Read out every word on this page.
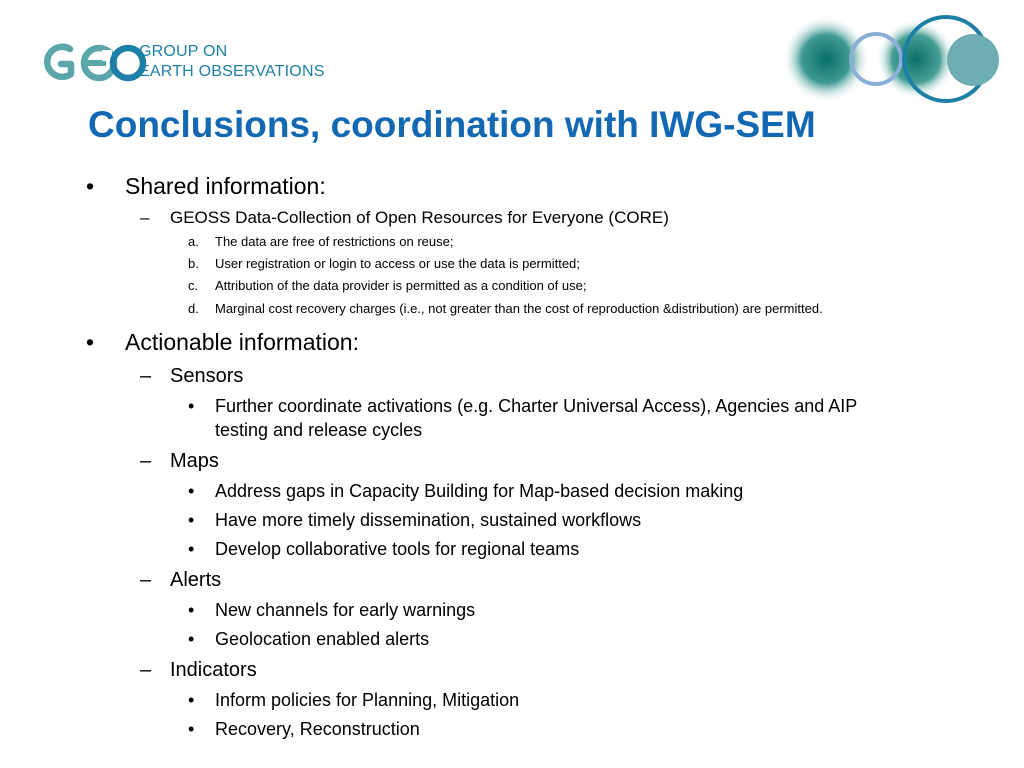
GROUP ON
EARTH OBSERVATIONS
Conclusions, coordination with IWG-SEM
• Shared information:
– GEOSS Data-Collection of Open Resources for Everyone (CORE)
a. The data are free of restrictions on reuse;
b. User registration or login to access or use the data is permitted;
c. Attribution of the data provider is permitted as a condition of use;
d. Marginal cost recovery charges (i.e., not greater than the cost of reproduction &distribution) are permitted.
• Actionable information:
– Sensors
• Further coordinate activations (e.g. Charter Universal Access), Agencies and AIP
testing and release cycles
– Maps
• Address gaps in Capacity Building for Map-based decision making
• Have more timely dissemination, sustained workflows
• Develop collaborative tools for regional teams
– Alerts
• New channels for early warnings
• Geolocation enabled alerts
– Indicators
• Inform policies for Planning, Mitigation
• Recovery, Reconstruction
